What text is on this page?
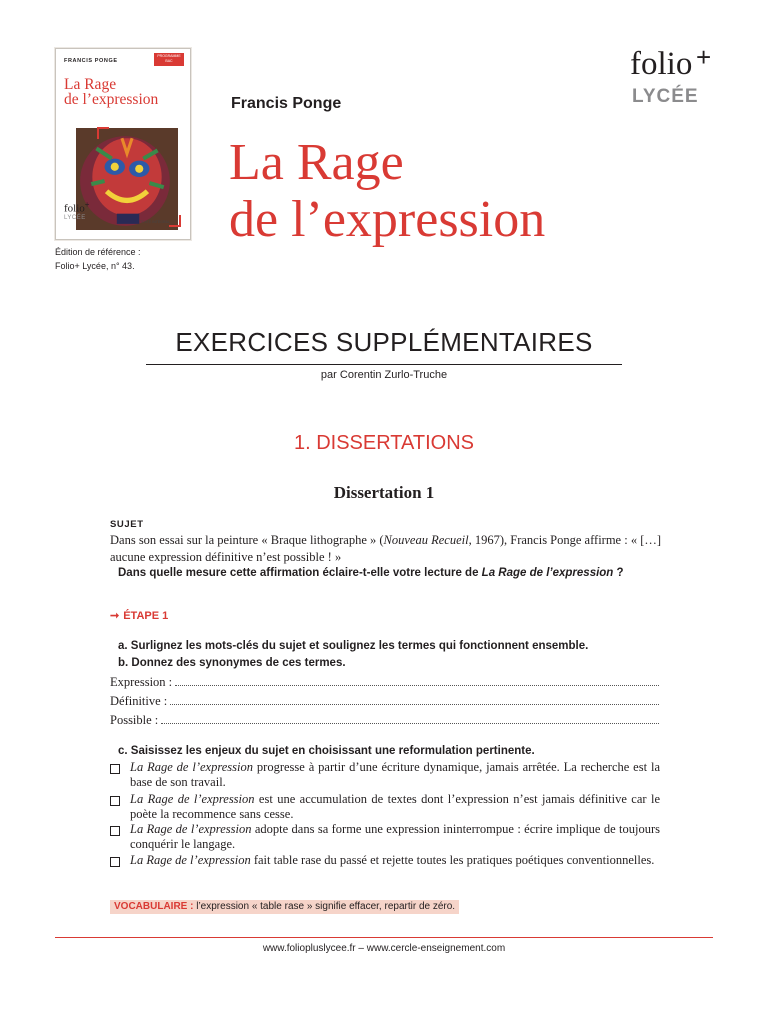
FRANCIS PONGE
PROGRAMME BAC
La Rage
de l’expression
folio+
LYCÉE
TEXTE INTÉGRAL
Édition de référence :
Folio+ Lycée, n° 43.
Francis Ponge
La Rage
de l’expression
folio +
LYCÉE
EXERCICES SUPPLÉMENTAIRES
par Corentin Zurlo-Truche
1. DISSERTATIONS
Dissertation 1
SUJET
Dans son essai sur la peinture « Braque lithographe » (Nouveau Recueil, 1967), Francis Ponge affirme : « […] aucune expression définitive n’est possible ! »
Dans quelle mesure cette affirmation éclaire-t-elle votre lecture de La Rage de l’expression ?
➞ ÉTAPE 1
a. Surlignez les mots-clés du sujet et soulignez les termes qui fonctionnent ensemble.
b. Donnez des synonymes de ces termes.
Expression :
Définitive :
Possible :
c. Saisissez les enjeux du sujet en choisissant une reformulation pertinente.
La Rage de l’expression progresse à partir d’une écriture dynamique, jamais arrêtée. La recherche est la base de son travail.
La Rage de l’expression est une accumulation de textes dont l’expression n’est jamais définitive car le poète la recommence sans cesse.
La Rage de l’expression adopte dans sa forme une expression ininterrompue : écrire implique de toujours conquérir le langage.
La Rage de l’expression fait table rase du passé et rejette toutes les pratiques poétiques conventionnelles.
VOCABULAIRE : l’expression « table rase » signifie effacer, repartir de zéro.
www.foliopluslycee.fr – www.cercle-enseignement.com
